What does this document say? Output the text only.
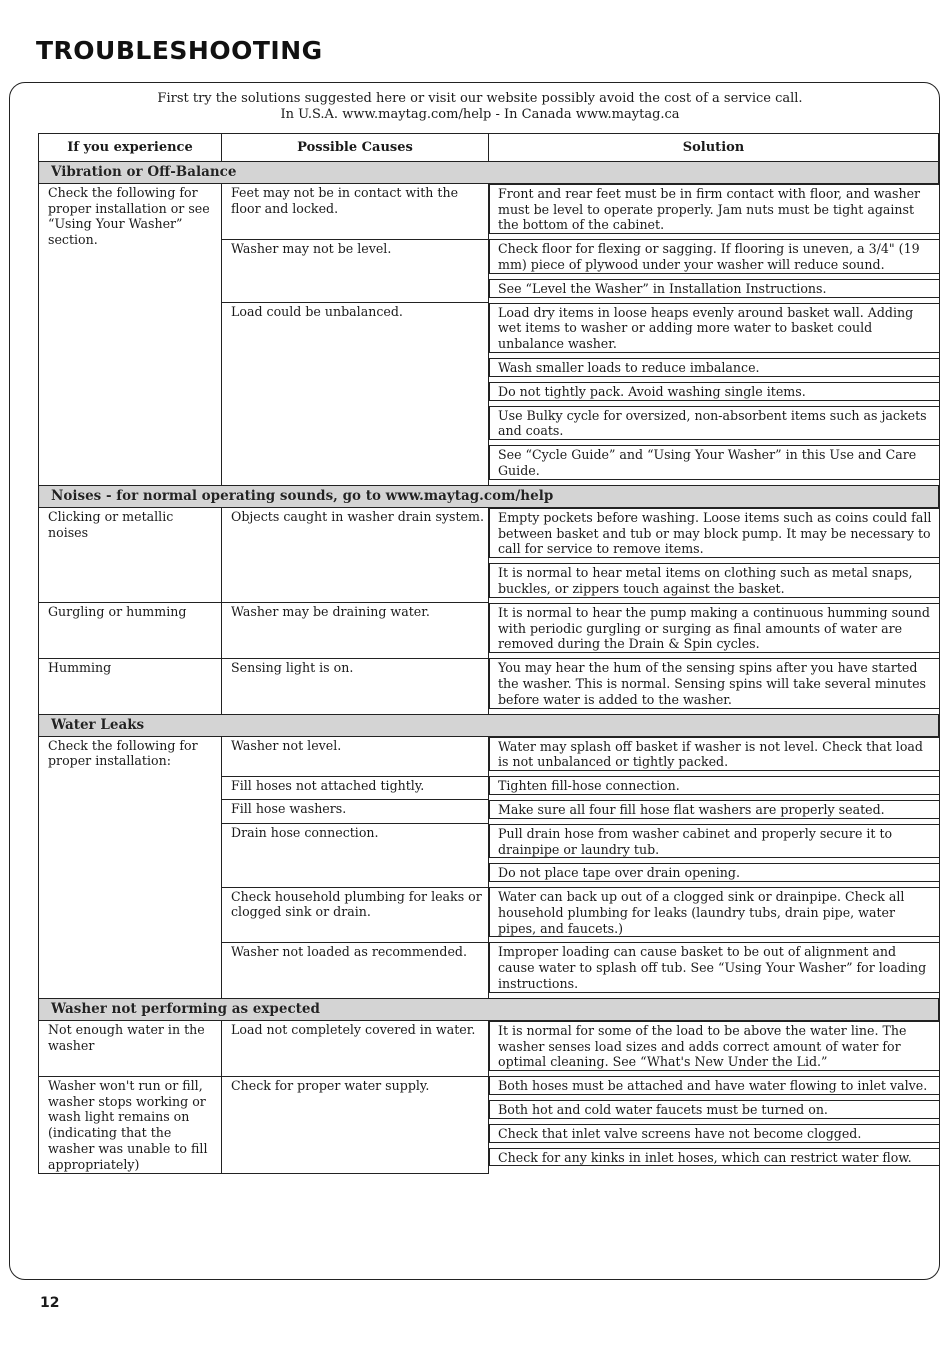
TROUBLESHOOTING
First try the solutions suggested here or visit our website possibly avoid the cost of a service call.
In U.S.A. www.maytag.com/help - In Canada www.maytag.ca
If you experience	Possible Causes	Solution
Vibration or Off-Balance		
Check the following for proper installation or see “Using Your Washer” section.	Feet may not be in contact with the floor and locked.	Front and rear feet must be in firm contact with floor, and washer must be level to operate properly. Jam nuts must be tight against the bottom of the cabinet.

	Washer may not be level.	Check floor for flexing or sagging. If flooring is uneven, a 3/4" (19 mm) piece of plywood under your washer will reduce sound.
See “Level the Washer” in Installation Instructions.

	Load could be unbalanced.	Load dry items in loose heaps evenly around basket wall. Adding wet items to washer or adding more water to basket could unbalance washer.
Wash smaller loads to reduce imbalance.
Do not tightly pack. Avoid washing single items.
Use Bulky cycle for oversized, non-absorbent items such as jackets and coats.
See “Cycle Guide” and “Using Your Washer” in this Use and Care Guide.

Noises - for normal operating sounds, go to www.maytag.com/help		
Clicking or metallic noises	Objects caught in washer drain system.	Empty pockets before washing. Loose items such as coins could fall between basket and tub or may block pump. It may be necessary to call for service to remove items.
It is normal to hear metal items on clothing such as metal snaps, buckles, or zippers touch against the basket.

Gurgling or humming	Washer may be draining water.	It is normal to hear the pump making a continuous humming sound with periodic gurgling or surging as final amounts of water are removed during the Drain & Spin cycles.

Humming	Sensing light is on.	You may hear the hum of the sensing spins after you have started the washer. This is normal. Sensing spins will take several minutes before water is added to the washer.

Water Leaks		
Check the following for proper installation:	Washer not level.	Water may splash off basket if washer is not level. Check that load is not unbalanced or tightly packed.

	Fill hoses not attached tightly.	Tighten fill-hose connection.

	Fill hose washers.	Make sure all four fill hose flat washers are properly seated.

	Drain hose connection.	Pull drain hose from washer cabinet and properly secure it to drainpipe or laundry tub.
Do not place tape over drain opening.

	Check household plumbing for leaks or clogged sink or drain.	Water can back up out of a clogged sink or drainpipe. Check all household plumbing for leaks (laundry tubs, drain pipe, water pipes, and faucets.)

	Washer not loaded as recommended.	Improper loading can cause basket to be out of alignment and cause water to splash off tub. See “Using Your Washer” for loading instructions.

Washer not performing as expected		
Not enough water in the washer	Load not completely covered in water.	It is normal for some of the load to be above the water line. The washer senses load sizes and adds correct amount of water for optimal cleaning. See “What's New Under the Lid.”

Washer won't run or fill, washer stops working or wash light remains on (indicating that the washer was unable to fill appropriately)	Check for proper water supply.	Both hoses must be attached and have water flowing to inlet valve.
Both hot and cold water faucets must be turned on.
Check that inlet valve screens have not become clogged.
Check for any kinks in inlet hoses, which can restrict water flow.
12
